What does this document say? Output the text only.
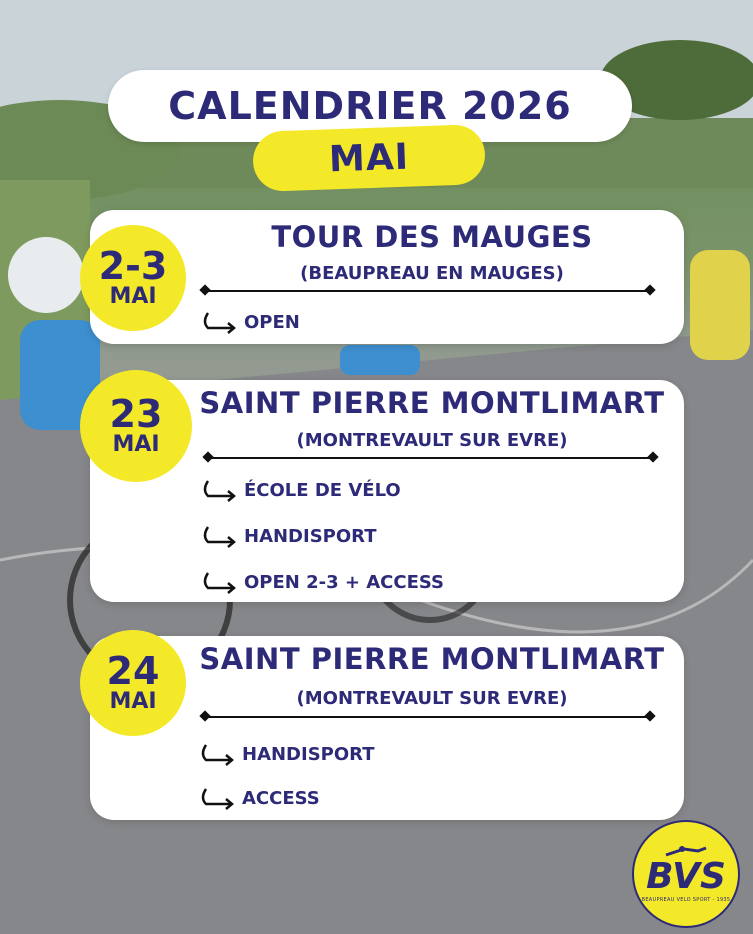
CALENDRIER 2026
MAI
TOUR DES MAUGES
(BEAUPREAU EN MAUGES)
OPEN
2-3
MAI
SAINT PIERRE MONTLIMART
(MONTREVAULT SUR EVRE)
ÉCOLE DE VÉLO
HANDISPORT
OPEN 2-3 + ACCESS
23
MAI
SAINT PIERRE MONTLIMART
(MONTREVAULT SUR EVRE)
HANDISPORT
ACCESS
24
MAI
BVS
BEAUPREAU VELO SPORT - 1935
